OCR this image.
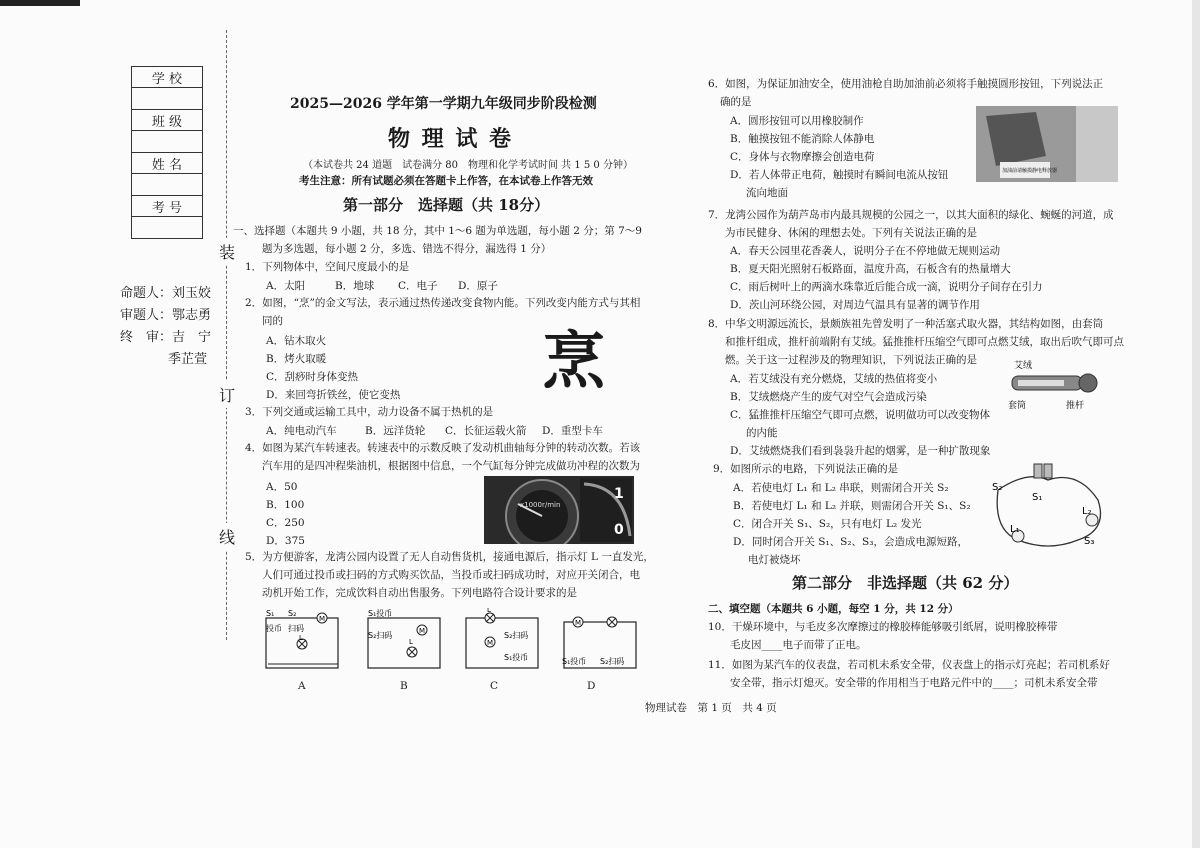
学 校

班 级

姓 名

考 号

命题人：刘玉姣
审题人：鄂志勇
终　审：吉　宁
季芷萱
装
订
线
2025—2026 学年第一学期九年级同步阶段检测
物 理 试 卷
（本试卷共 24 道题　试卷满分 80　物理和化学考试时间 共 1 5 0 分钟）
考生注意：所有试题必须在答题卡上作答，在本试卷上作答无效
第一部分　选择题（共 18分）
一、选择题（本题共 9 小题，共 18 分，其中 1～6 题为单选题，每小题 2 分；第 7～9
题为多选题，每小题 2 分，多选、错选不得分，漏选得 1 分）
1．下列物体中，空间尺度最小的是
A．太阳	B．地球 C．电子 D．原子
2．如图，“烹”的金文写法，表示通过热传递改变食物内能。下列改变内能方式与其相
同的
A．钻木取火
B．烤火取暖
C．刮痧时身体变热
D．来回弯折铁丝，使它变热 烹
3．下列交通或运输工具中，动力设备不属于热机的是
A．纯电动汽车	B．远洋货轮 C．长征运载火箭 D．重型卡车
4．如图为某汽车转速表。转速表中的示数反映了发动机曲轴每分钟的转动次数。若该
汽车用的是四冲程柴油机，根据图中信息，一个气缸每分钟完成做功冲程的次数为
A．50
B．100
C．250
D．375
x1000r/min
1
0
5．为方便游客，龙湾公园内设置了无人自动售货机，接通电源后，指示灯 L 一直发光，
人们可通过投币或扫码的方式购买饮品，当投币或扫码成功时，对应开关闭合，电
动机开始工作，完成饮料自动出售服务。下列电路符合设计要求的是
M
S₁ S₂
投币 扫码
L
M
S₁投币
S₂扫码
L	M
S₂扫码
S₁投币
L
M
S₁投币 S₂扫码
A	B	C	D
6．如图，为保证加油安全，使用油枪自助加油前必须将手触摸圆形按钮，下列说法正
确的是
A．圆形按钮可以用橡胶制作
B．触摸按钮不能消除人体静电
C．身体与衣物摩擦会创造电荷
D．若人体带正电荷，触摸时有瞬间电流从按钮
流向地面
加油前请触摸静电释放器
7．龙湾公园作为葫芦岛市内最具规模的公园之一，以其大面积的绿化、蜿蜒的河道，成
为市民健身、休闲的理想去处。下列有关说法正确的是
A．春天公园里花香袭人，说明分子在不停地做无规则运动
B．夏天阳光照射石板路面，温度升高，石板含有的热量增大
C．雨后树叶上的两滴水珠靠近后能合成一滴，说明分子间存在引力
D．茨山河环绕公园，对周边气温具有显著的调节作用
8．中华文明源远流长，景颇族祖先曾发明了一种活塞式取火器，其结构如图，由套筒
和推杆组成，推杆前端附有艾绒。猛推推杆压缩空气即可点燃艾绒，取出后吹气即可点
燃。关于这一过程涉及的物理知识，下列说法正确的是
A．若艾绒没有充分燃烧，艾绒的热值将变小
B．艾绒燃烧产生的废气对空气会造成污染
C．猛推推杆压缩空气即可点燃，说明做功可以改变物体
的内能
D．艾绒燃烧我们看到袅袅升起的烟雾，是一种扩散现象
艾绒
套筒	推杆
9．如图所示的电路，下列说法正确的是
A．若使电灯 L₁ 和 L₂ 串联，则需闭合开关 S₂
B．若使电灯 L₁ 和 L₂ 并联，则需闭合开关 S₁、S₂
C．闭合开关 S₁、S₂，只有电灯 L₂ 发光
D．同时闭合开关 S₁、S₂、S₃，会造成电源短路，
电灯被烧坏
S₂
S₁
S₃
L₁
L₂
第二部分　非选择题（共 62 分）
二、填空题（本题共 6 小题，每空 1 分，共 12 分）
10．干燥环境中，与毛皮多次摩擦过的橡胶棒能够吸引纸屑，说明橡胶棒带
毛皮因____电子而带了正电。
11．如图为某汽车的仪表盘，若司机未系安全带，仪表盘上的指示灯亮起；若司机系好
安全带，指示灯熄灭。安全带的作用相当于电路元件中的____；司机未系安全带
物理试卷　第 1 页　共 4 页
